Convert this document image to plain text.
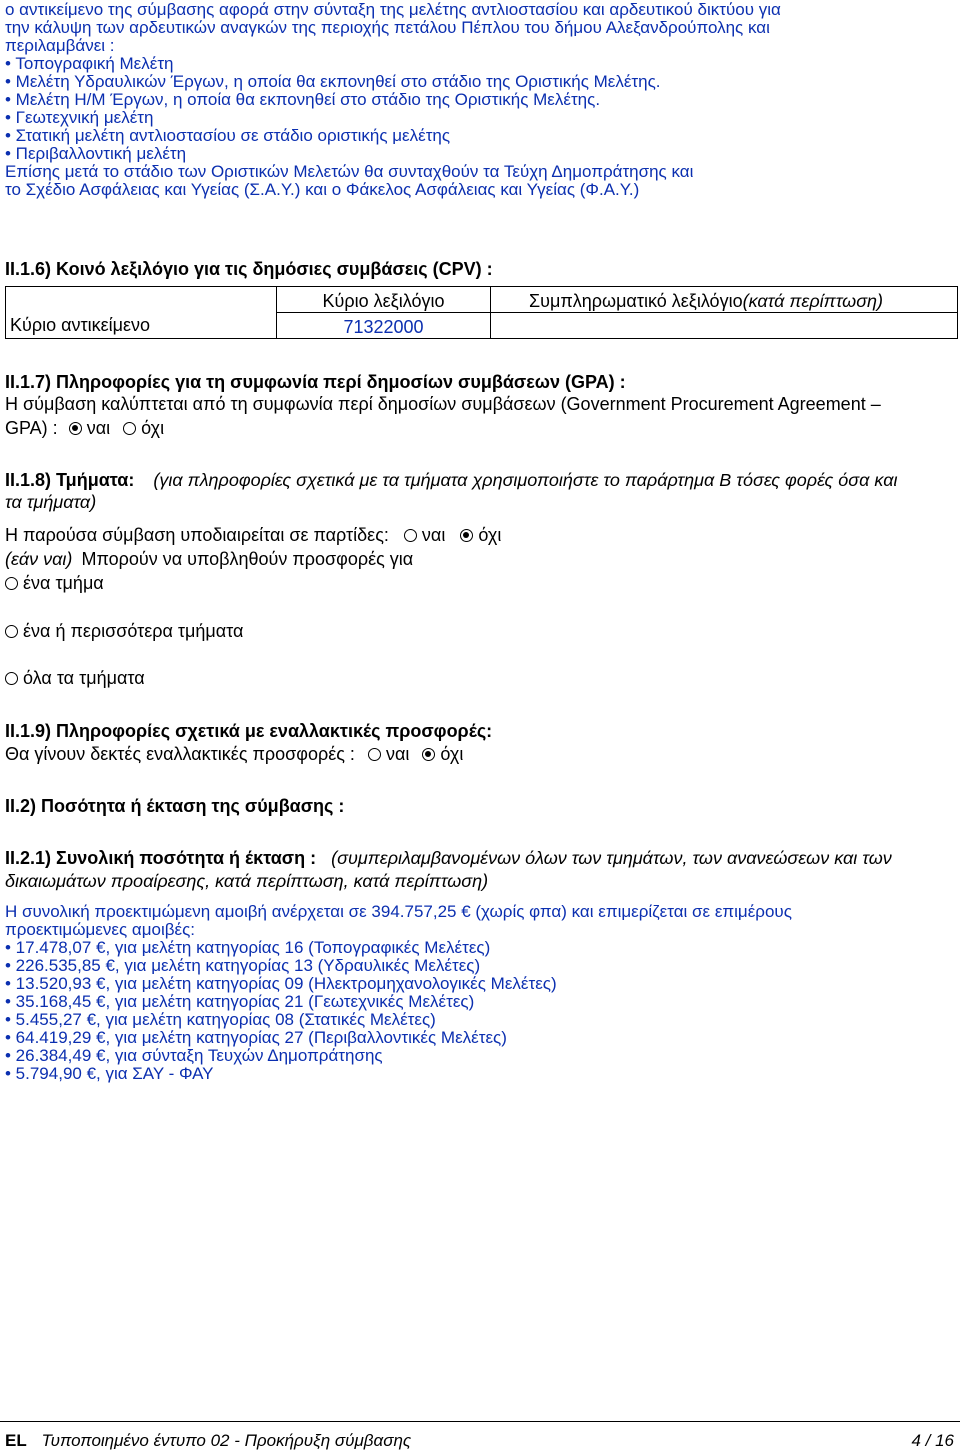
ο αντικείμενο της σύμβασης αφορά στην σύνταξη της μελέτης αντλιοστασίου και αρδευτικού δικτύου για
την κάλυψη των αρδευτικών αναγκών της περιοχής πετάλου Πέπλου του δήμου Αλεξανδρούπολης και
περιλαμβάνει :
• Τοπογραφική Μελέτη
• Μελέτη Υδραυλικών Έργων, η οποία θα εκπονηθεί στο στάδιο της Οριστικής Μελέτης.
• Μελέτη Η/Μ Έργων, η οποία θα εκπονηθεί στο στάδιο της Οριστικής Μελέτης.
• Γεωτεχνική μελέτη
• Στατική μελέτη αντλιοστασίου σε στάδιο οριστικής μελέτης
• Περιβαλλοντική μελέτη
Επίσης μετά το στάδιο των Οριστικών Μελετών θα συνταχθούν τα Τεύχη Δημοπράτησης και
το Σχέδιο Ασφάλειας και Υγείας (Σ.Α.Υ.) και ο Φάκελος Ασφάλειας και Υγείας (Φ.Α.Υ.)
II.1.6) Κοινό λεξιλόγιο για τις δημόσιες συμβάσεις (CPV) :
	Κύριο λεξιλόγιο	Συμπληρωματικό λεξιλόγιο(κατά περίπτωση)
Κύριο αντικείμενο	71322000	
II.1.7) Πληροφορίες για τη συμφωνία περί δημοσίων συμβάσεων (GPA) :
Η σύμβαση καλύπτεται από τη συμφωνία περί δημοσίων συμβάσεων (Government Procurement Agreement –
GPA) : ναι όχι
II.1.8) Τμήματα: (για πληροφορίες σχετικά με τα τμήματα χρησιμοποιήστε το παράρτημα Β τόσες φορές όσα και
τα τμήματα)
Η παρούσα σύμβαση υποδιαιρείται σε παρτίδες: ναι όχι
(εάν ναι) Μπορούν να υποβληθούν προσφορές για
ένα τμήμα
ένα ή περισσότερα τμήματα
όλα τα τμήματα
II.1.9) Πληροφορίες σχετικά με εναλλακτικές προσφορές:
Θα γίνουν δεκτές εναλλακτικές προσφορές : ναι όχι
II.2) Ποσότητα ή έκταση της σύμβασης :
II.2.1) Συνολική ποσότητα ή έκταση : (συμπεριλαμβανομένων όλων των τμημάτων, των ανανεώσεων και των
δικαιωμάτων προαίρεσης, κατά περίπτωση, κατά περίπτωση)
Η συνολική προεκτιμώμενη αμοιβή ανέρχεται σε 394.757,25 € (χωρίς φπα) και επιμερίζεται σε επιμέρους
προεκτιμώμενες αμοιβές:
• 17.478,07 €, για μελέτη κατηγορίας 16 (Τοπογραφικές Μελέτες)
• 226.535,85 €, για μελέτη κατηγορίας 13 (Υδραυλικές Μελέτες)
• 13.520,93 €, για μελέτη κατηγορίας 09 (Ηλεκτρομηχανολογικές Μελέτες)
• 35.168,45 €, για μελέτη κατηγορίας 21 (Γεωτεχνικές Μελέτες)
• 5.455,27 €, για μελέτη κατηγορίας 08 (Στατικές Μελέτες)
• 64.419,29 €, για μελέτη κατηγορίας 27 (Περιβαλλοντικές Μελέτες)
• 26.384,49 €, για σύνταξη Τευχών Δημοπράτησης
• 5.794,90 €, για ΣΑΥ - ΦΑΥ
EL Τυποποιημένο έντυπο 02 - Προκήρυξη σύμβασης	4 / 16
